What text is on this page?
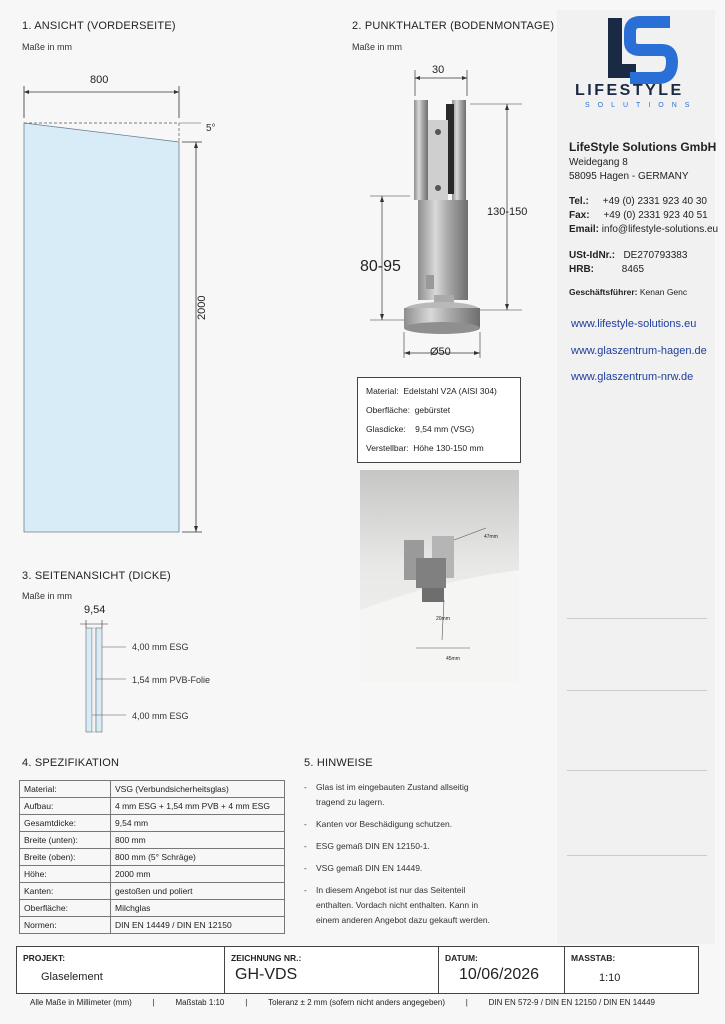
1. ANSICHT (VORDERSEITE)
Maße in mm
800
5°
2000
2. PUNKTHALTER (BODENMONTAGE)
Maße in mm
30
130-150
80-95
Ø50
Material: Edelstahl V2A (AISI 304)
Oberfläche: gebürstet
Glasdicke: 9,54 mm (VSG)
Verstellbar: Höhe 130-150 mm
47mm
20mm
45mm
3. SEITENANSICHT (DICKE)
Maße in mm
9,54
4,00 mm ESG
1,54 mm PVB-Folie
4,00 mm ESG
4. SPEZIFIKATION
Material:	VSG (Verbundsicherheitsglas)
Aufbau:	4 mm ESG + 1,54 mm PVB + 4 mm ESG
Gesamtdicke:	9,54 mm
Breite (unten):	800 mm
Breite (oben):	800 mm (5° Schräge)
Höhe:	2000 mm
Kanten:	gestoßen und poliert
Oberfläche:	Milchglas
Normen:	DIN EN 14449 / DIN EN 12150
5. HINWEISE
- Glas ist im eingebauten Zustand allseitig tragend zu lagern.
- Kanten vor Beschädigung schutzen.
- ESG gemaß DIN EN 12150-1.
- VSG gemaß DIN EN 14449.
- In diesem Angebot ist nur das Seitenteil enthalten. Vordach nicht enthalten. Kann in einem anderen Angebot dazu gekauft werden.
LIFESTYLE
SOLUTIONS
LifeStyle Solutions GmbH
Weidegang 8
58095 Hagen - GERMANY
Tel.: +49 (0) 2331 923 40 30
Fax: +49 (0) 2331 923 40 51
Email: info@lifestyle-solutions.eu
USt-IdNr.: DE270793383
HRB:	8465
Geschäftsführer: Kenan Genc
www.lifestyle-solutions.eu
www.glaszentrum-hagen.de
www.glaszentrum-nrw.de
PROJEKT:
Glaselement
ZEICHNUNG NR.:
GH-VDS
DATUM:
10/06/2026
MASSTAB:
1:10
Alle Maße in Millimeter (mm)	|	Maßstab 1:10	|	Toleranz ± 2 mm (sofern nicht anders angegeben)	|	DIN EN 572-9 / DIN EN 12150 / DIN EN 14449
